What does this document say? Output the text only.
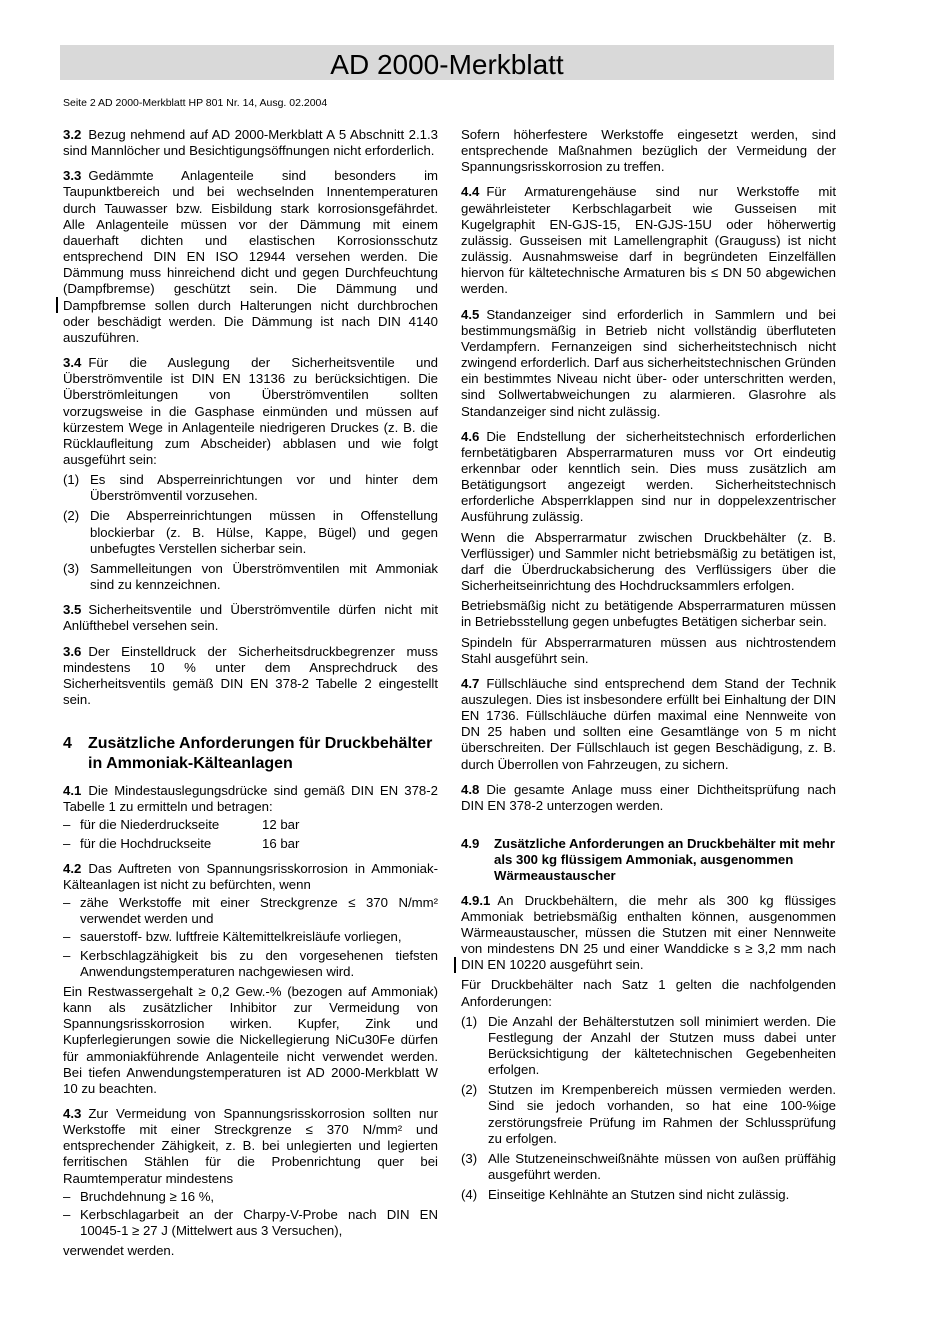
AD 2000-Merkblatt
Seite 2 AD 2000-Merkblatt HP 801 Nr. 14, Ausg. 02.2004

3.2 Bezug nehmend auf AD 2000-Merkblatt A 5 Abschnitt 2.1.3 sind Mannlöcher und Besichtigungsöffnungen nicht erforderlich.

3.3 Gedämmte Anlagenteile sind besonders im Taupunktbereich und bei wechselnden Innentemperaturen durch Tauwasser bzw. Eisbildung stark korrosionsgefährdet. Alle Anlagenteile müssen vor der Dämmung mit einem dauerhaft dichten und elastischen Korrosionsschutz entsprechend DIN EN ISO 12944 versehen werden. Die Dämmung muss hinreichend dicht und gegen Durchfeuchtung (Dampfbremse) geschützt sein. Die Dämmung und Dampfbremse sollen durch Halterungen nicht durchbrochen oder beschädigt werden. Die Dämmung ist nach DIN 4140 auszuführen.

3.4 Für die Auslegung der Sicherheitsventile und Überströmventile ist DIN EN 13136 zu berücksichtigen. Die Überströmleitungen von Überströmventilen sollten vorzugsweise in die Gasphase einmünden und müssen auf kürzestem Wege in Anlagenteile niedrigeren Druckes (z. B. die Rücklaufleitung zum Abscheider) abblasen und wie folgt ausgeführt sein:

(1) Es sind Absperreinrichtungen vor und hinter dem Überströmventil vorzusehen.
(2) Die Absperreinrichtungen müssen in Offenstellung blockierbar (z. B. Hülse, Kappe, Bügel) und gegen unbefugtes Verstellen sicherbar sein.
(3) Sammelleitungen von Überströmventilen mit Ammoniak sind zu kennzeichnen.

3.5 Sicherheitsventile und Überströmventile dürfen nicht mit Anlüfthebel versehen sein.

3.6 Der Einstelldruck der Sicherheitsdruckbegrenzer muss mindestens 10 % unter dem Ansprechdruck des Sicherheitsventils gemäß DIN EN 378-2 Tabelle 2 eingestellt sein.

4 Zusätzliche Anforderungen für Druckbehälter in Ammoniak-Kälteanlagen

4.1 Die Mindestauslegungsdrücke sind gemäß DIN EN 378-2 Tabelle 1 zu ermitteln und betragen:

– für die Niederdruckseite	12 bar
– für die Hochdruckseite	16 bar

4.2 Das Auftreten von Spannungsrisskorrosion in Ammoniak-Kälteanlagen ist nicht zu befürchten, wenn

– zähe Werkstoffe mit einer Streckgrenze ≤ 370 N/mm² verwendet werden und
– sauerstoff- bzw. luftfreie Kältemittelkreisläufe vorliegen,
– Kerbschlagzähigkeit bis zu den vorgesehenen tiefsten Anwendungstemperaturen nachgewiesen wird.

Ein Restwassergehalt ≥ 0,2 Gew.-% (bezogen auf Ammoniak) kann als zusätzlicher Inhibitor zur Vermeidung von Spannungsrisskorrosion wirken. Kupfer, Zink und Kupferlegierungen sowie die Nickellegierung NiCu30Fe dürfen für ammoniakführende Anlagenteile nicht verwendet werden. Bei tiefen Anwendungstemperaturen ist AD 2000-Merkblatt W 10 zu beachten.

4.3 Zur Vermeidung von Spannungsrisskorrosion sollten nur Werkstoffe mit einer Streckgrenze ≤ 370 N/mm² und entsprechender Zähigkeit, z. B. bei unlegierten und legierten ferritischen Stählen für die Probenrichtung quer bei Raumtemperatur mindestens

– Bruchdehnung ≥ 16 %,
– Kerbschlagarbeit an der Charpy-V-Probe nach DIN EN 10045-1 ≥ 27 J (Mittelwert aus 3 Versuchen),

verwendet werden.

Sofern höherfestere Werkstoffe eingesetzt werden, sind entsprechende Maßnahmen bezüglich der Vermeidung der Spannungsrisskorrosion zu treffen.

4.4 Für Armaturengehäuse sind nur Werkstoffe mit gewährleisteter Kerbschlagarbeit wie Gusseisen mit Kugelgraphit EN-GJS-15, EN-GJS-15U oder höherwertig zulässig. Gusseisen mit Lamellengraphit (Grauguss) ist nicht zulässig. Ausnahmsweise darf in begründeten Einzelfällen hiervon für kältetechnische Armaturen bis ≤ DN 50 abgewichen werden.

4.5 Standanzeiger sind erforderlich in Sammlern und bei bestimmungsmäßig in Betrieb nicht vollständig überfluteten Verdampfern. Fernanzeigen sind sicherheitstechnisch nicht zwingend erforderlich. Darf aus sicherheitstechnischen Gründen ein bestimmtes Niveau nicht über- oder unterschritten werden, sind Sollwertabweichungen zu alarmieren. Glasrohre als Standanzeiger sind nicht zulässig.

4.6 Die Endstellung der sicherheitstechnisch erforderlichen fernbetätigbaren Absperrarmaturen muss vor Ort eindeutig erkennbar oder kenntlich sein. Dies muss zusätzlich am Betätigungsort angezeigt werden. Sicherheitstechnisch erforderliche Absperrklappen sind nur in doppelexzentrischer Ausführung zulässig.

Wenn die Absperrarmatur zwischen Druckbehälter (z. B. Verflüssiger) und Sammler nicht betriebsmäßig zu betätigen ist, darf die Überdruckabsicherung des Verflüssigers über die Sicherheitseinrichtung des Hochdrucksammlers erfolgen.

Betriebsmäßig nicht zu betätigende Absperrarmaturen müssen in Betriebsstellung gegen unbefugtes Betätigen sicherbar sein.

Spindeln für Absperrarmaturen müssen aus nichtrostendem Stahl ausgeführt sein.

4.7 Füllschläuche sind entsprechend dem Stand der Technik auszulegen. Dies ist insbesondere erfüllt bei Einhaltung der DIN EN 1736. Füllschläuche dürfen maximal eine Nennweite von DN 25 haben und sollten eine Gesamtlänge von 5 m nicht überschreiten. Der Füllschlauch ist gegen Beschädigung, z. B. durch Überrollen von Fahrzeugen, zu sichern.

4.8 Die gesamte Anlage muss einer Dichtheitsprüfung nach DIN EN 378-2 unterzogen werden.

4.9 Zusätzliche Anforderungen an Druckbehälter mit mehr als 300 kg flüssigem Ammoniak, ausgenommen Wärmeaustauscher

4.9.1 An Druckbehältern, die mehr als 300 kg flüssiges Ammoniak betriebsmäßig enthalten können, ausgenommen Wärmeaustauscher, müssen die Stutzen mit einer Nennweite von mindestens DN 25 und einer Wanddicke s ≥ 3,2 mm nach DIN EN 10220 ausgeführt sein.

Für Druckbehälter nach Satz 1 gelten die nachfolgenden Anforderungen:

(1) Die Anzahl der Behälterstutzen soll minimiert werden. Die Festlegung der Anzahl der Stutzen muss dabei unter Berücksichtigung der kältetechnischen Gegebenheiten erfolgen.
(2) Stutzen im Krempenbereich müssen vermieden werden. Sind sie jedoch vorhanden, so hat eine 100-%ige zerstörungsfreie Prüfung im Rahmen der Schlussprüfung zu erfolgen.
(3) Alle Stutzeneinschweißnähte müssen von außen prüffähig ausgeführt werden.
(4) Einseitige Kehlnähte an Stutzen sind nicht zulässig.
